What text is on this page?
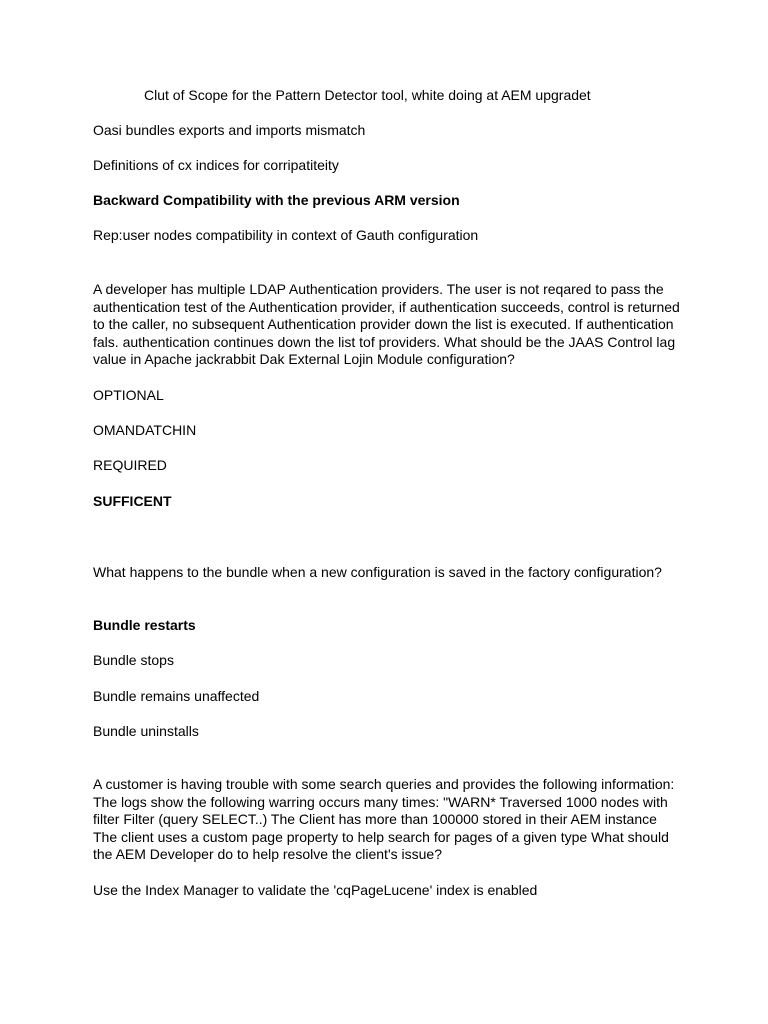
Clut of Scope for the Pattern Detector tool, white doing at AEM upgradet

Oasi bundles exports and imports mismatch

Definitions of cx indices for corripatiteity

Backward Compatibility with the previous ARM version

Rep:user nodes compatibility in context of Gauth configuration

A developer has multiple LDAP Authentication providers. The user is not reqared to pass the authentication test of the Authentication provider, if authentication succeeds, control is returned to the caller, no subsequent Authentication provider down the list is executed. If authentication fals. authentication continues down the list tof providers. What should be the JAAS Control lag value in Apache jackrabbit Dak External Lojin Module configuration?

OPTIONAL

OMANDATCHIN

REQUIRED

SUFFICENT

What happens to the bundle when a new configuration is saved in the factory configuration?

Bundle restarts

Bundle stops

Bundle remains unaffected

Bundle uninstalls

A customer is having trouble with some search queries and provides the following information: The logs show the following warring occurs many times: "WARN* Traversed 1000 nodes with filter Filter (query SELECT..) The Client has more than 100000 stored in their AEM instance The client uses a custom page property to help search for pages of a given type What should the AEM Developer do to help resolve the client's issue?

Use the Index Manager to validate the 'cqPageLucene' index is enabled
